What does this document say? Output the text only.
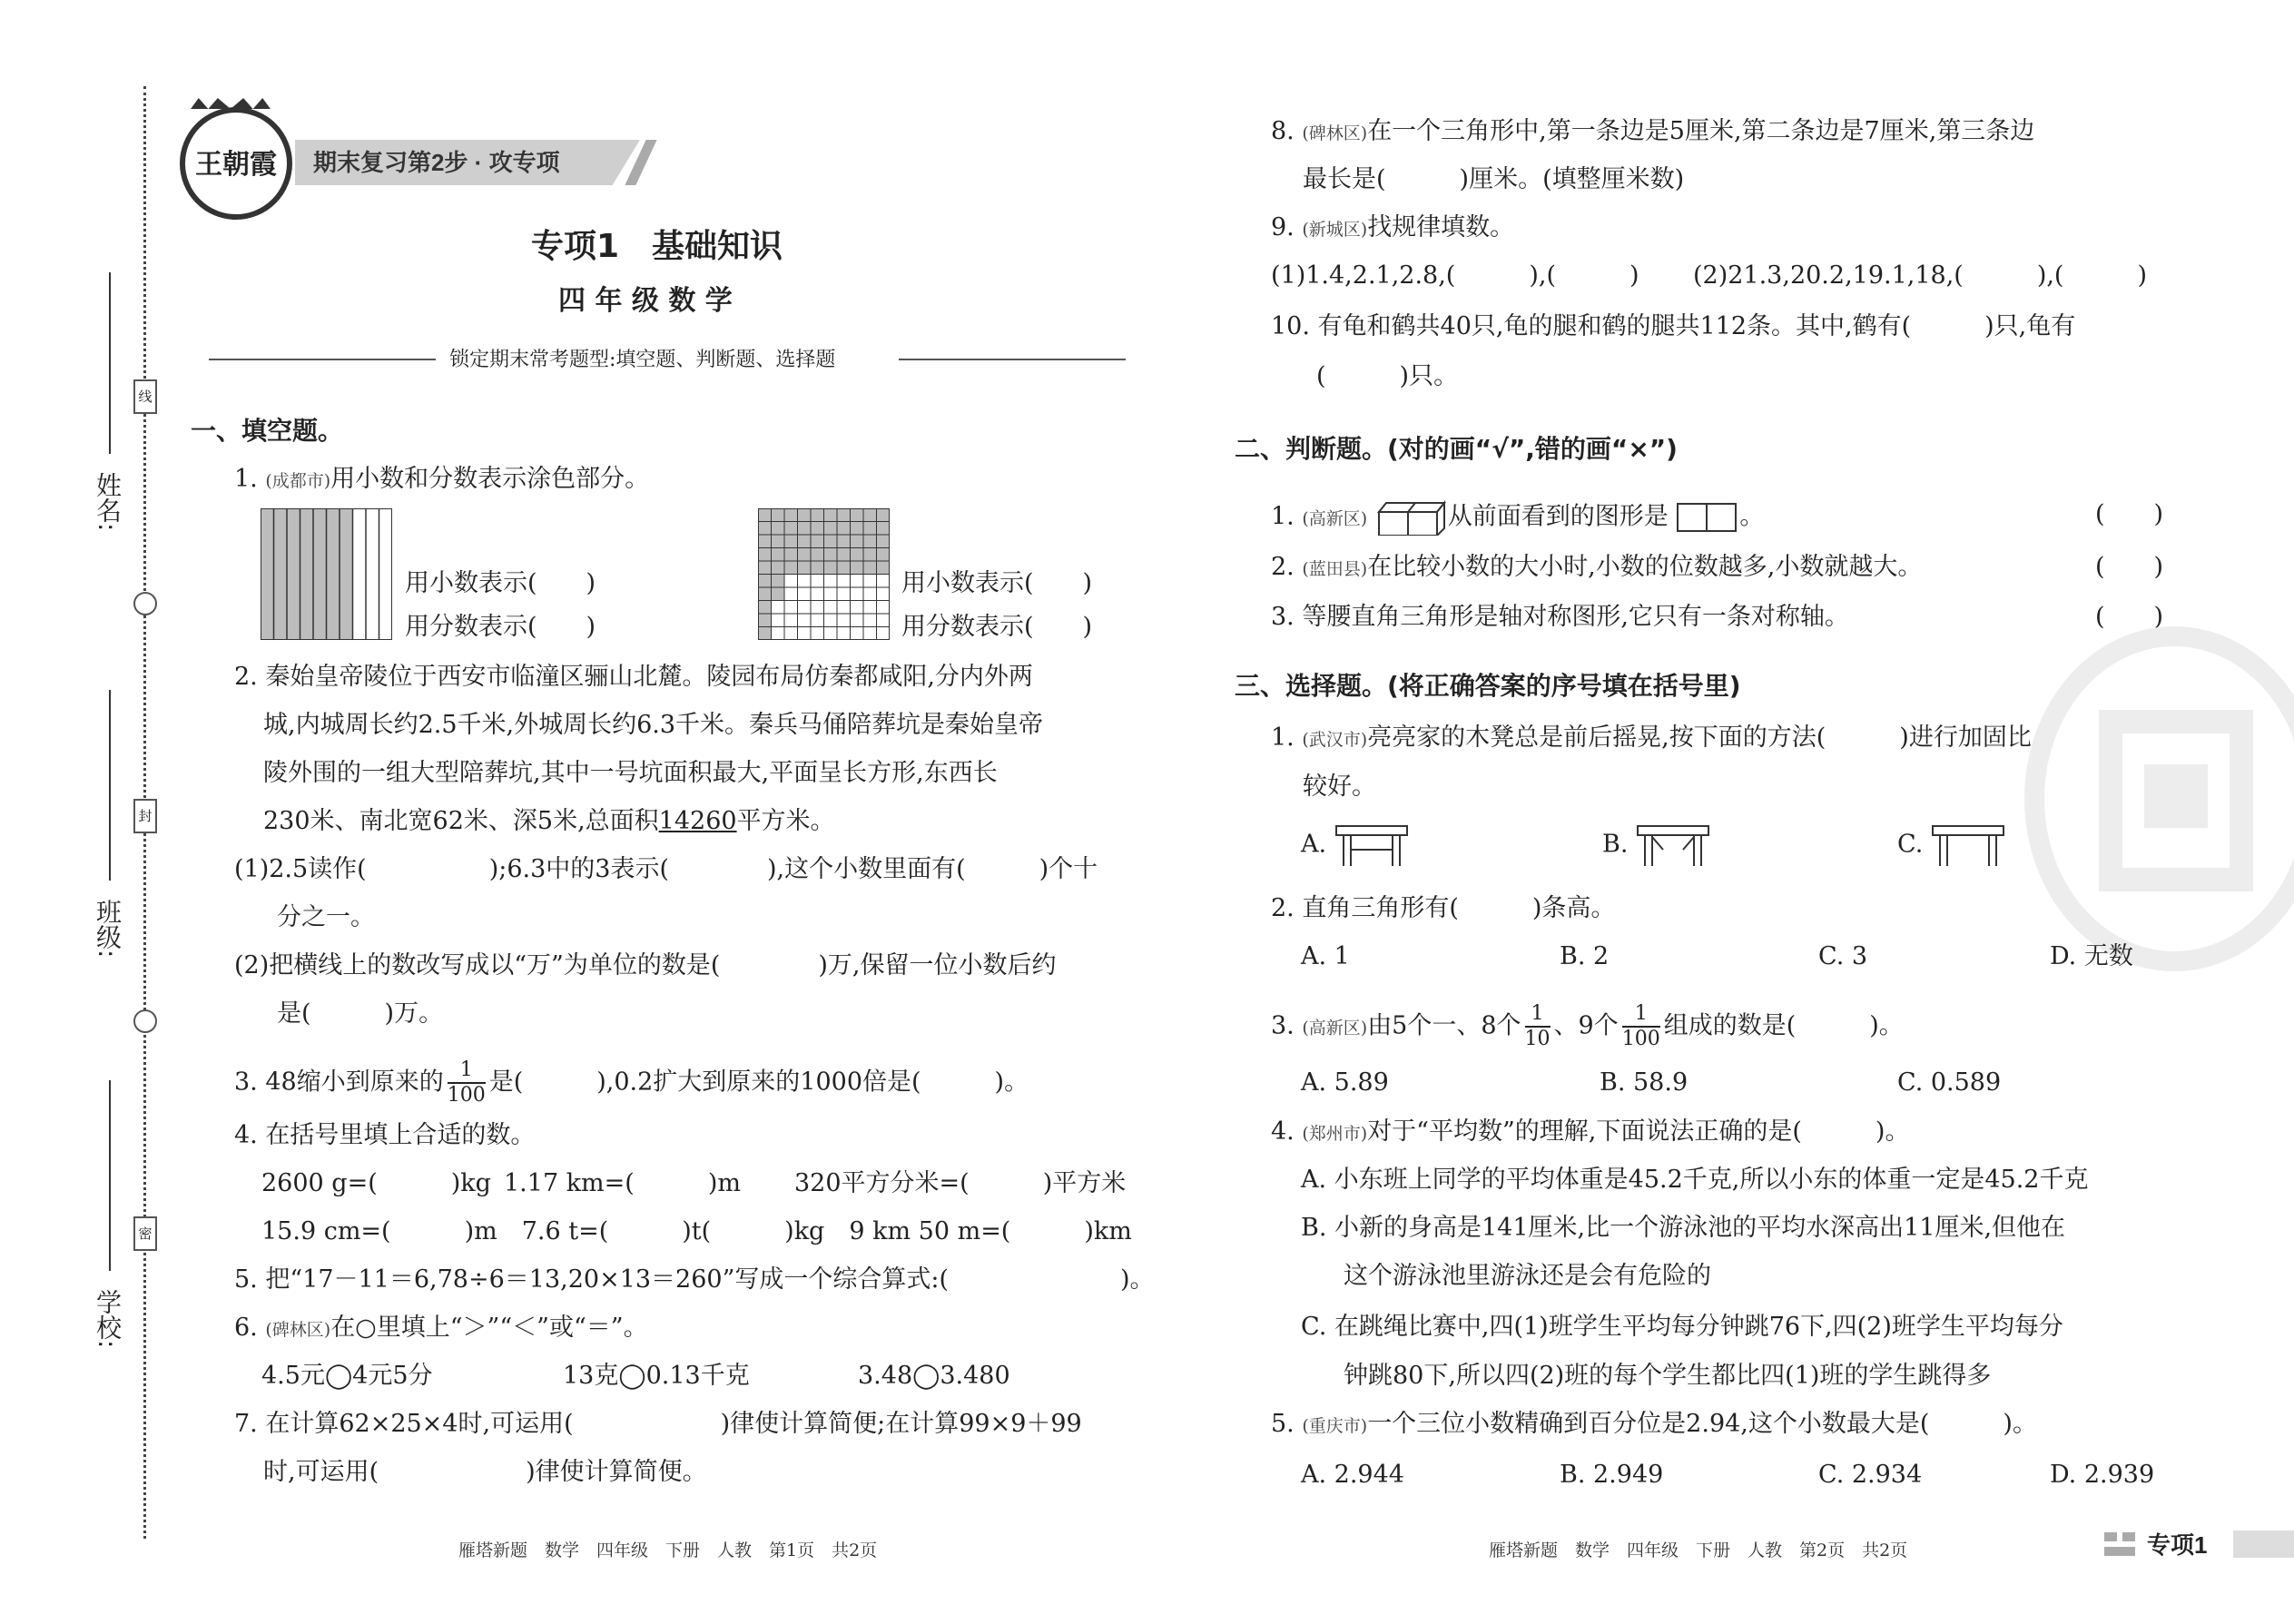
姓名:
班级:
学校:
线
封
密
王朝霞 期末复习第2步 · 攻专项
专项1　基础知识
四 年 级 数 学
锁定期末常考题型:填空题、判断题、选择题
一、填空题。
1. (成都市)用小数和分数表示涂色部分。
用小数表示(　　)
用分数表示(　　)
用小数表示(　　)
用分数表示(　　)
2. 秦始皇帝陵位于西安市临潼区骊山北麓。陵园布局仿秦都咸阳,分内外两
城,内城周长约2.5千米,外城周长约6.3千米。秦兵马俑陪葬坑是秦始皇帝
陵外围的一组大型陪葬坑,其中一号坑面积最大,平面呈长方形,东西长
230米、南北宽62米、深5米,总面积14260平方米。
(1)2.5读作(　　　　　);6.3中的3表示(　　　　),这个小数里面有(　　　)个十
分之一。
(2)把横线上的数改写成以“万”为单位的数是(　　　　)万,保留一位小数后约
是(　　　)万。
3. 48缩小到原来的 $\frac{1}{100}$ 是(　　　),0.2扩大到原来的1000倍是(　　　)。
4. 在括号里填上合适的数。
2600 g=(　　　)kg 1.17 km=(　　　)m 320平方分米=(　　　)平方米
15.9 cm=(　　　)m　7.6 t=(　　　)t(　　　)kg　9 km 50 m=(　　　)km
5. 把“17－11＝6,78÷6＝13,20×13＝260”写成一个综合算式:(　　　　　　　)。
6. (碑林区)在○里填上“＞”“＜”或“＝”。
4.5元◯4元5分	13克◯0.13千克	3.48◯3.480
7. 在计算62×25×4时,可运用(　　　　　　)律使计算简便;在计算99×9＋99
时,可运用(　　　　　　)律使计算简便。
雁塔新题　数学　四年级　下册　人教　第1页　共2页
8. (碑林区)在一个三角形中,第一条边是5厘米,第二条边是7厘米,第三条边
最长是(　　　)厘米。(填整厘米数)
9. (新城区)找规律填数。
(1)1.4,2.1,2.8,(　　　),(　　　) (2)21.3,20.2,19.1,18,(　　　),(　　　)
10. 有龟和鹤共40只,龟的腿和鹤的腿共112条。其中,鹤有(　　　)只,龟有
(　　　)只。
二、判断题。(对的画“√”,错的画“×”)
1. (高新区)	从前面看到的图形是	。	(　　)
2. (蓝田县)在比较小数的大小时,小数的位数越多,小数就越大。	(　　)
3. 等腰直角三角形是轴对称图形,它只有一条对称轴。	(　　)
三、选择题。(将正确答案的序号填在括号里)
1. (武汉市)亮亮家的木凳总是前后摇晃,按下面的方法(　　　)进行加固比
较好。
A.	B.	C.
2. 直角三角形有(　　　)条高。
A. 1	B. 2	C. 3	D. 无数
3. (高新区)由5个一、8个 $\frac{1}{10}$ 、9个 $\frac{1}{100}$ 组成的数是(　　　)。
A. 5.89	B. 58.9	C. 0.589
4. (郑州市)对于“平均数”的理解,下面说法正确的是(　　　)。
A. 小东班上同学的平均体重是45.2千克,所以小东的体重一定是45.2千克
B. 小新的身高是141厘米,比一个游泳池的平均水深高出11厘米,但他在
这个游泳池里游泳还是会有危险的
C. 在跳绳比赛中,四(1)班学生平均每分钟跳76下,四(2)班学生平均每分
钟跳80下,所以四(2)班的每个学生都比四(1)班的学生跳得多
5. (重庆市)一个三位小数精确到百分位是2.94,这个小数最大是(　　　)。
A. 2.944	B. 2.949	C. 2.934	D. 2.939
雁塔新题　数学　四年级　下册　人教　第2页　共2页	专项1
